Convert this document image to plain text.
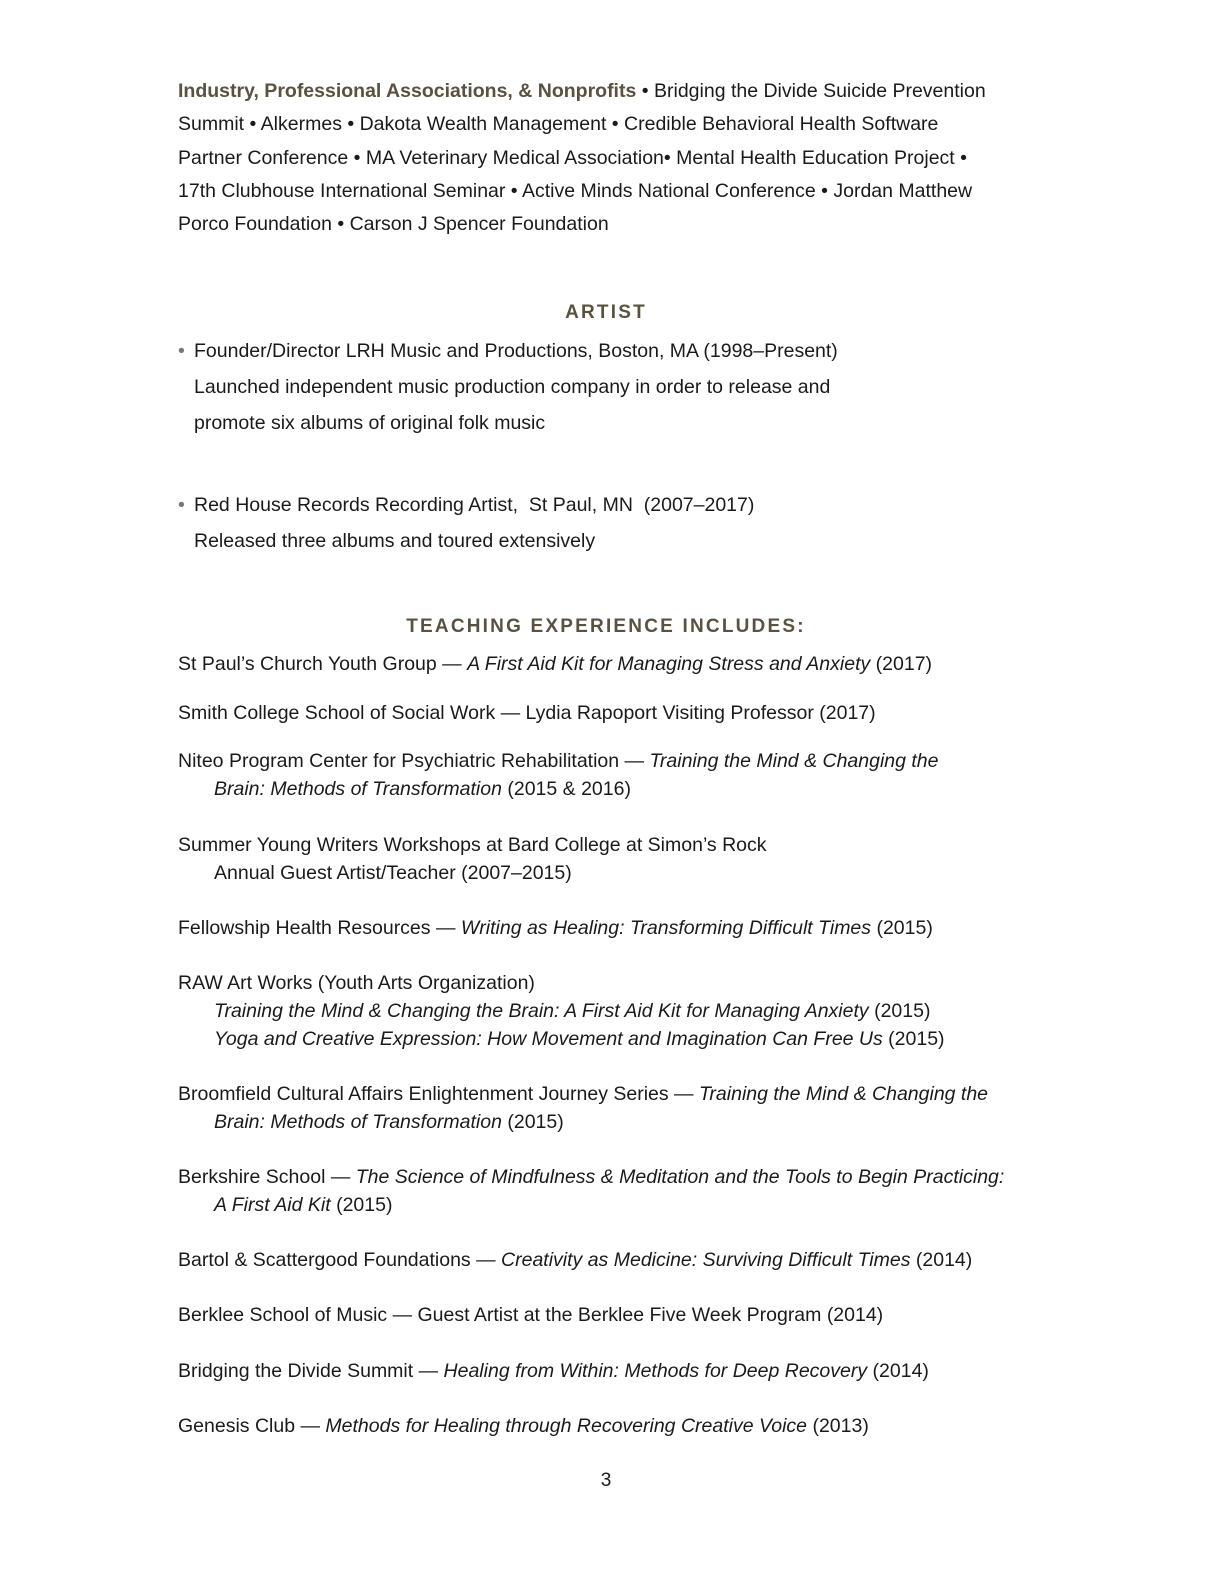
Industry, Professional Associations, & Nonprofits • Bridging the Divide Suicide Prevention
Summit • Alkermes • Dakota Wealth Management • Credible Behavioral Health Software
Partner Conference • MA Veterinary Medical Association• Mental Health Education Project •
17th Clubhouse International Seminar • Active Minds National Conference • Jordan Matthew
Porco Foundation • Carson J Spencer Foundation
ARTIST
• Founder/Director LRH Music and Productions, Boston, MA (1998–Present)
Launched independent music production company in order to release and
promote six albums of original folk music
• Red House Records Recording Artist,  St Paul, MN  (2007–2017)
Released three albums and toured extensively
TEACHING EXPERIENCE INCLUDES:
St Paul’s Church Youth Group — A First Aid Kit for Managing Stress and Anxiety (2017)
Smith College School of Social Work — Lydia Rapoport Visiting Professor (2017)
Niteo Program Center for Psychiatric Rehabilitation — Training the Mind & Changing the
Brain: Methods of Transformation (2015 & 2016)
Summer Young Writers Workshops at Bard College at Simon’s Rock
Annual Guest Artist/Teacher (2007–2015)
Fellowship Health Resources — Writing as Healing: Transforming Difficult Times (2015)
RAW Art Works (Youth Arts Organization)
Training the Mind & Changing the Brain: A First Aid Kit for Managing Anxiety (2015)
Yoga and Creative Expression: How Movement and Imagination Can Free Us (2015)
Broomfield Cultural Affairs Enlightenment Journey Series — Training the Mind & Changing the
Brain: Methods of Transformation (2015)
Berkshire School — The Science of Mindfulness & Meditation and the Tools to Begin Practicing:
A First Aid Kit (2015)
Bartol & Scattergood Foundations — Creativity as Medicine: Surviving Difficult Times (2014)
Berklee School of Music — Guest Artist at the Berklee Five Week Program (2014)
Bridging the Divide Summit — Healing from Within: Methods for Deep Recovery (2014)
Genesis Club — Methods for Healing through Recovering Creative Voice (2013)
3
